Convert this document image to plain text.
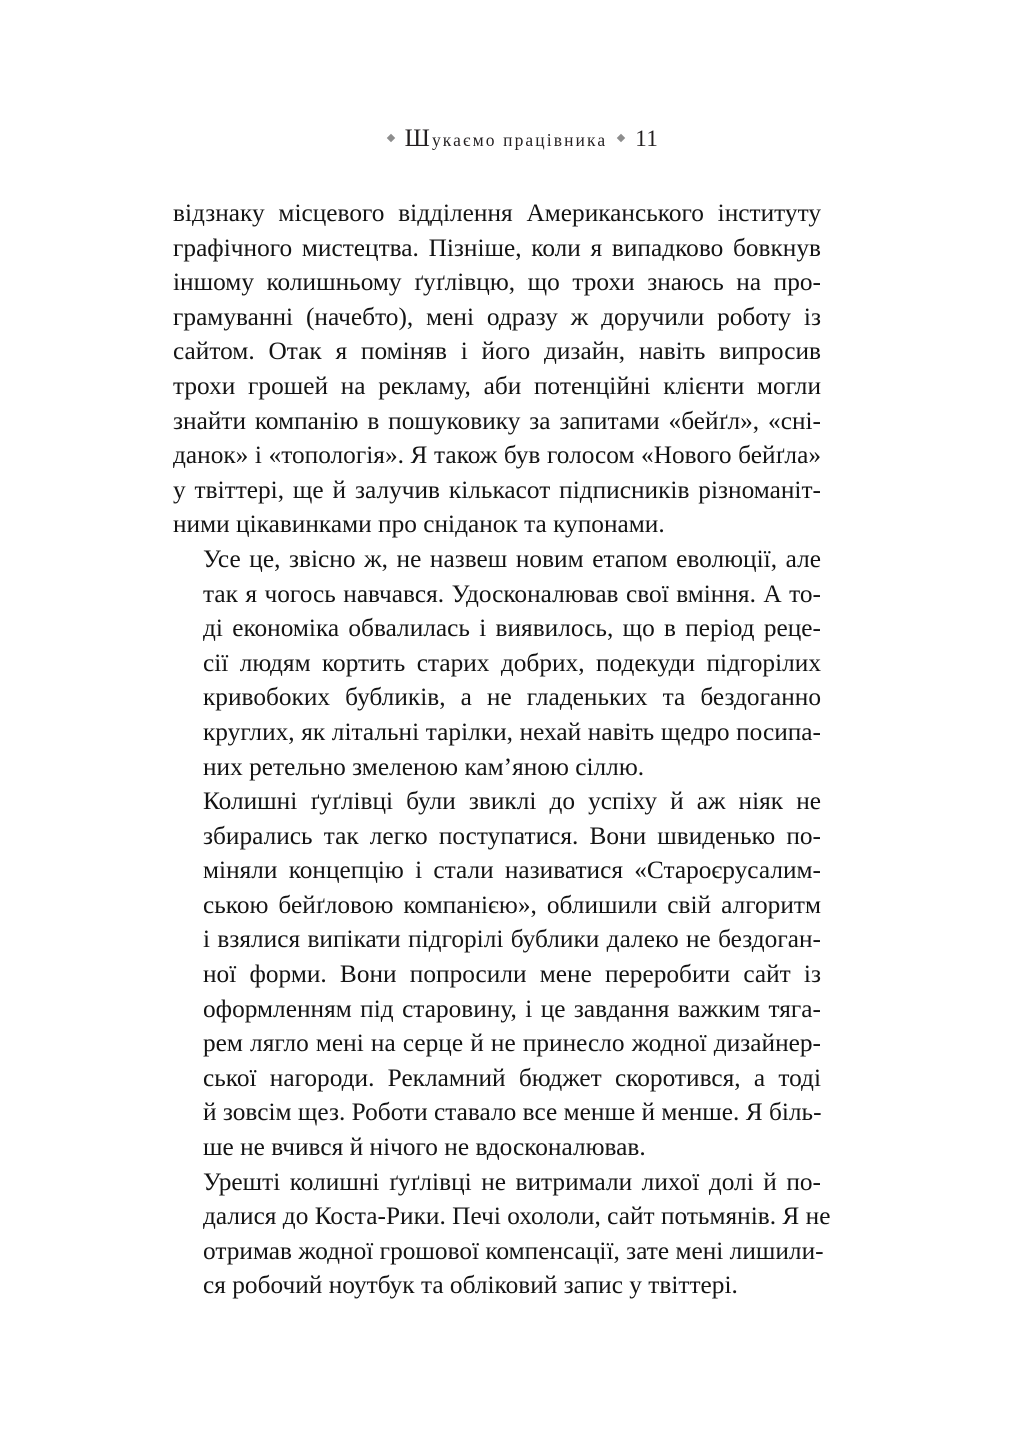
Шукаємо працівника 11

відзнаку місцевого відділення Американського інституту
графічного мистецтва. Пізніше, коли я випадково бовкнув
іншому колишньому ґуґлівцю, що трохи знаюсь на про-
грамуванні (начебто), мені одразу ж доручили роботу із
сайтом. Отак я поміняв і його дизайн, навіть випросив
трохи грошей на рекламу, аби потенційні клієнти могли
знайти компанію в пошуковику за запитами «бейґл», «сні-
данок» і «топологія». Я також був голосом «Нового бейґла»
у твіттері, ще й залучив кількасот підписників різноманіт-
ними цікавинками про сніданок та купонами.

Усе це, звісно ж, не назвеш новим етапом еволюції, але
так я чогось навчався. Удосконалював свої вміння. А то-
ді економіка обвалилась і виявилось, що в період реце-
сії людям кортить старих добрих, подекуди підгорілих
кривобоких бубликів, а не гладеньких та бездоганно
круглих, як літальні тарілки, нехай навіть щедро посипа-
них ретельно змеленою кам’яною сіллю.

Колишні ґуґлівці були звиклі до успіху й аж ніяк не
збирались так легко поступатися. Вони швиденько по-
міняли концепцію і стали називатися «Староєрусалим-
ською бейґловою компанією», облишили свій алгоритм
і взялися випікати підгорілі бублики далеко не бездоган-
ної форми. Вони попросили мене переробити сайт із
оформленням під старовину, і це завдання важким тяга-
рем лягло мені на серце й не принесло жодної дизайнер-
ської нагороди. Рекламний бюджет скоротився, а тоді
й зовсім щез. Роботи ставало все менше й менше. Я біль-
ше не вчився й нічого не вдосконалював.

Урешті колишні ґуґлівці не витримали лихої долі й по-
далися до Коста-Рики. Печі охололи, сайт потьмянів. Я не
отримав жодної грошової компенсації, зате мені лишили-
ся робочий ноутбук та обліковий запис у твіттері.
